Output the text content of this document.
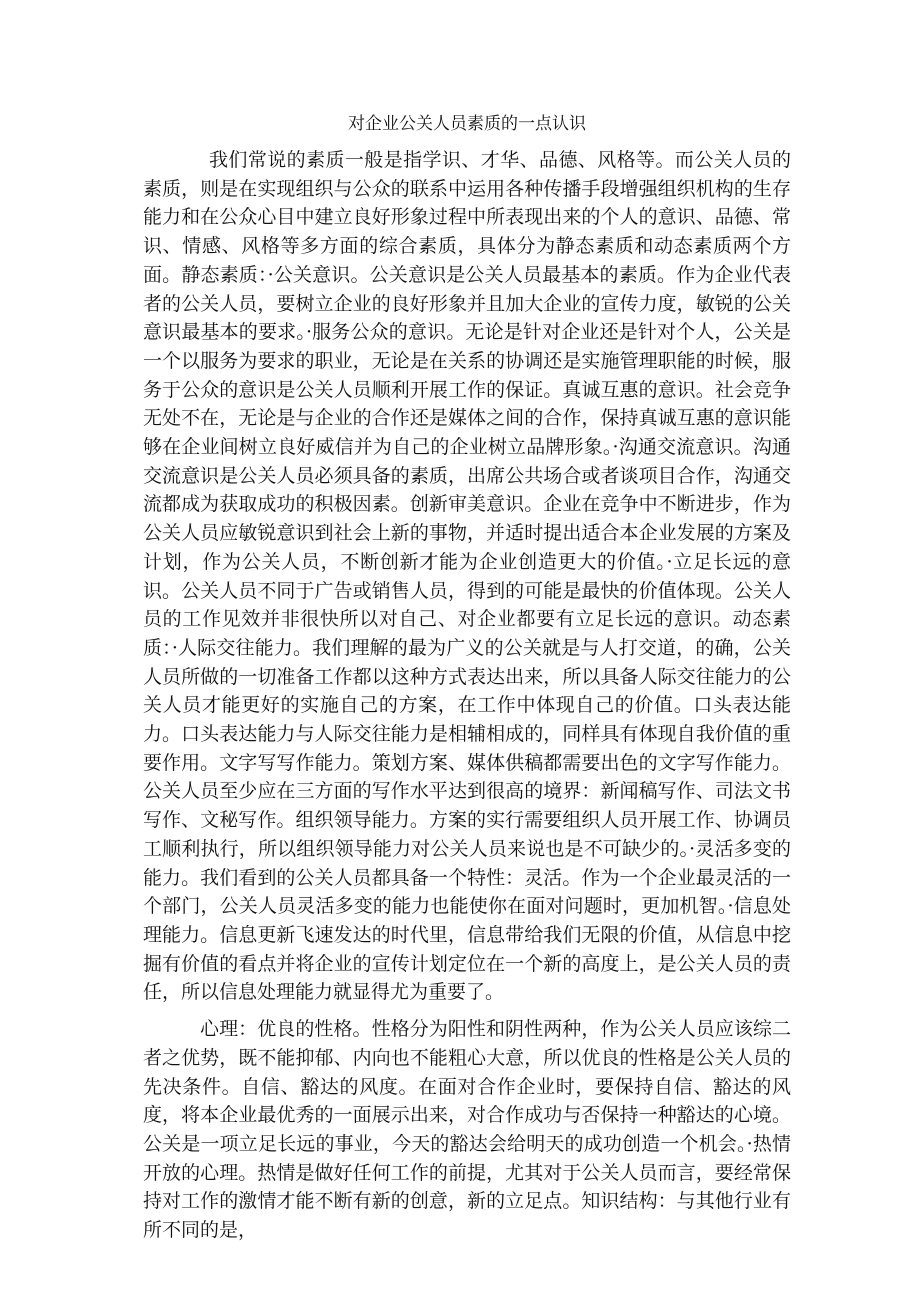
对企业公关人员素质的一点认识

我们常说的素质一般是指学识、才华、品德、风格等。而公关人员的素质，则是在实现组织与公众的联系中运用各种传播手段增强组织机构的生存能力和在公众心目中建立良好形象过程中所表现出来的个人的意识、品德、常识、情感、风格等多方面的综合素质，具体分为静态素质和动态素质两个方面。静态素质：·公关意识。公关意识是公关人员最基本的素质。作为企业代表者的公关人员，要树立企业的良好形象并且加大企业的宣传力度，敏锐的公关意识最基本的要求。·服务公众的意识。无论是针对企业还是针对个人，公关是一个以服务为要求的职业，无论是在关系的协调还是实施管理职能的时候，服务于公众的意识是公关人员顺利开展工作的保证。真诚互惠的意识。社会竞争无处不在，无论是与企业的合作还是媒体之间的合作，保持真诚互惠的意识能够在企业间树立良好威信并为自己的企业树立品牌形象。·沟通交流意识。沟通交流意识是公关人员必须具备的素质，出席公共场合或者谈项目合作，沟通交流都成为获取成功的积极因素。创新审美意识。企业在竞争中不断进步，作为公关人员应敏锐意识到社会上新的事物，并适时提出适合本企业发展的方案及计划，作为公关人员，不断创新才能为企业创造更大的价值。·立足长远的意识。公关人员不同于广告或销售人员，得到的可能是最快的价值体现。公关人员的工作见效并非很快所以对自己、对企业都要有立足长远的意识。动态素质：·人际交往能力。我们理解的最为广义的公关就是与人打交道，的确，公关人员所做的一切准备工作都以这种方式表达出来，所以具备人际交往能力的公关人员才能更好的实施自己的方案，在工作中体现自己的价值。口头表达能力。口头表达能力与人际交往能力是相辅相成的，同样具有体现自我价值的重要作用。文字写写作能力。策划方案、媒体供稿都需要出色的文字写作能力。公关人员至少应在三方面的写作水平达到很高的境界：新闻稿写作、司法文书写作、文秘写作。组织领导能力。方案的实行需要组织人员开展工作、协调员工顺利执行，所以组织领导能力对公关人员来说也是不可缺少的。·灵活多变的能力。我们看到的公关人员都具备一个特性：灵活。作为一个企业最灵活的一个部门，公关人员灵活多变的能力也能使你在面对问题时，更加机智。·信息处理能力。信息更新飞速发达的时代里，信息带给我们无限的价值，从信息中挖掘有价值的看点并将企业的宣传计划定位在一个新的高度上，是公关人员的责任，所以信息处理能力就显得尤为重要了。

心理：优良的性格。性格分为阳性和阴性两种，作为公关人员应该综二者之优势，既不能抑郁、内向也不能粗心大意，所以优良的性格是公关人员的先决条件。自信、豁达的风度。在面对合作企业时，要保持自信、豁达的风度，将本企业最优秀的一面展示出来，对合作成功与否保持一种豁达的心境。公关是一项立足长远的事业，今天的豁达会给明天的成功创造一个机会。·热情开放的心理。热情是做好任何工作的前提，尤其对于公关人员而言，要经常保持对工作的激情才能不断有新的创意，新的立足点。知识结构：与其他行业有所不同的是，
